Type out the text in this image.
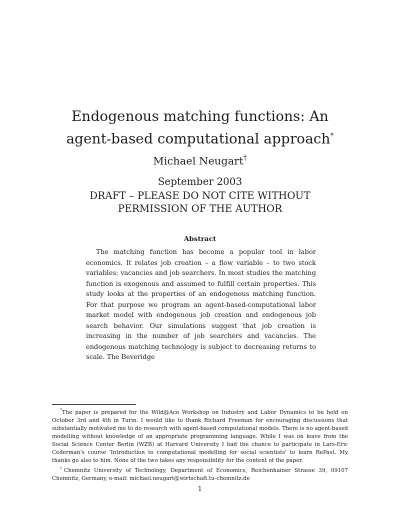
Endogenous matching functions: An
agent-based computational approach*
Michael Neugart†
September 2003
DRAFT – PLEASE DO NOT CITE WITHOUT
PERMISSION OF THE AUTHOR
Abstract
The matching function has become a popular tool in labor economics. It relates job creation – a flow variable – to two stock variables: vacancies and job searchers. In most studies the matching function is exogenous and assumed to fulfill certain properties. This study looks at the properties of an endogenous matching function. For that purpose we program an agent-based-computational labor market model with endogenous job creation and endogenous job search behavior. Our simulations suggest that job creation is increasing in the number of job searchers and vacancies. The endogenous matching technology is subject to decreasing returns to scale. The Beveridge
*The paper is prepared for the Wild@Ace Workshop on Industry and Labor Dynamics to be held on October 3rd and 4th in Turin. I would like to thank Richard Freeman for encouraging discussions that substantially motivated me to do research with agent-based computational models. There is no agent-based modelling without knowledge of an appropriate programming language. While I was on leave from the Social Science Center Berlin (WZB) at Harvard University I had the chance to participate in Lars-Eric Cederman's course 'Introduction to computational modelling for social scientists' to learn RePast. My thanks go also to him. None of the two takes any responsibility for the content of the paper.
†Chemnitz University of Technology, Department of Economics, Reichenhainer Strasse 39, 09107 Chemnitz, Germany, e-mail: michael.neugart@wirtschaft.tu-chemnitz.de
1
